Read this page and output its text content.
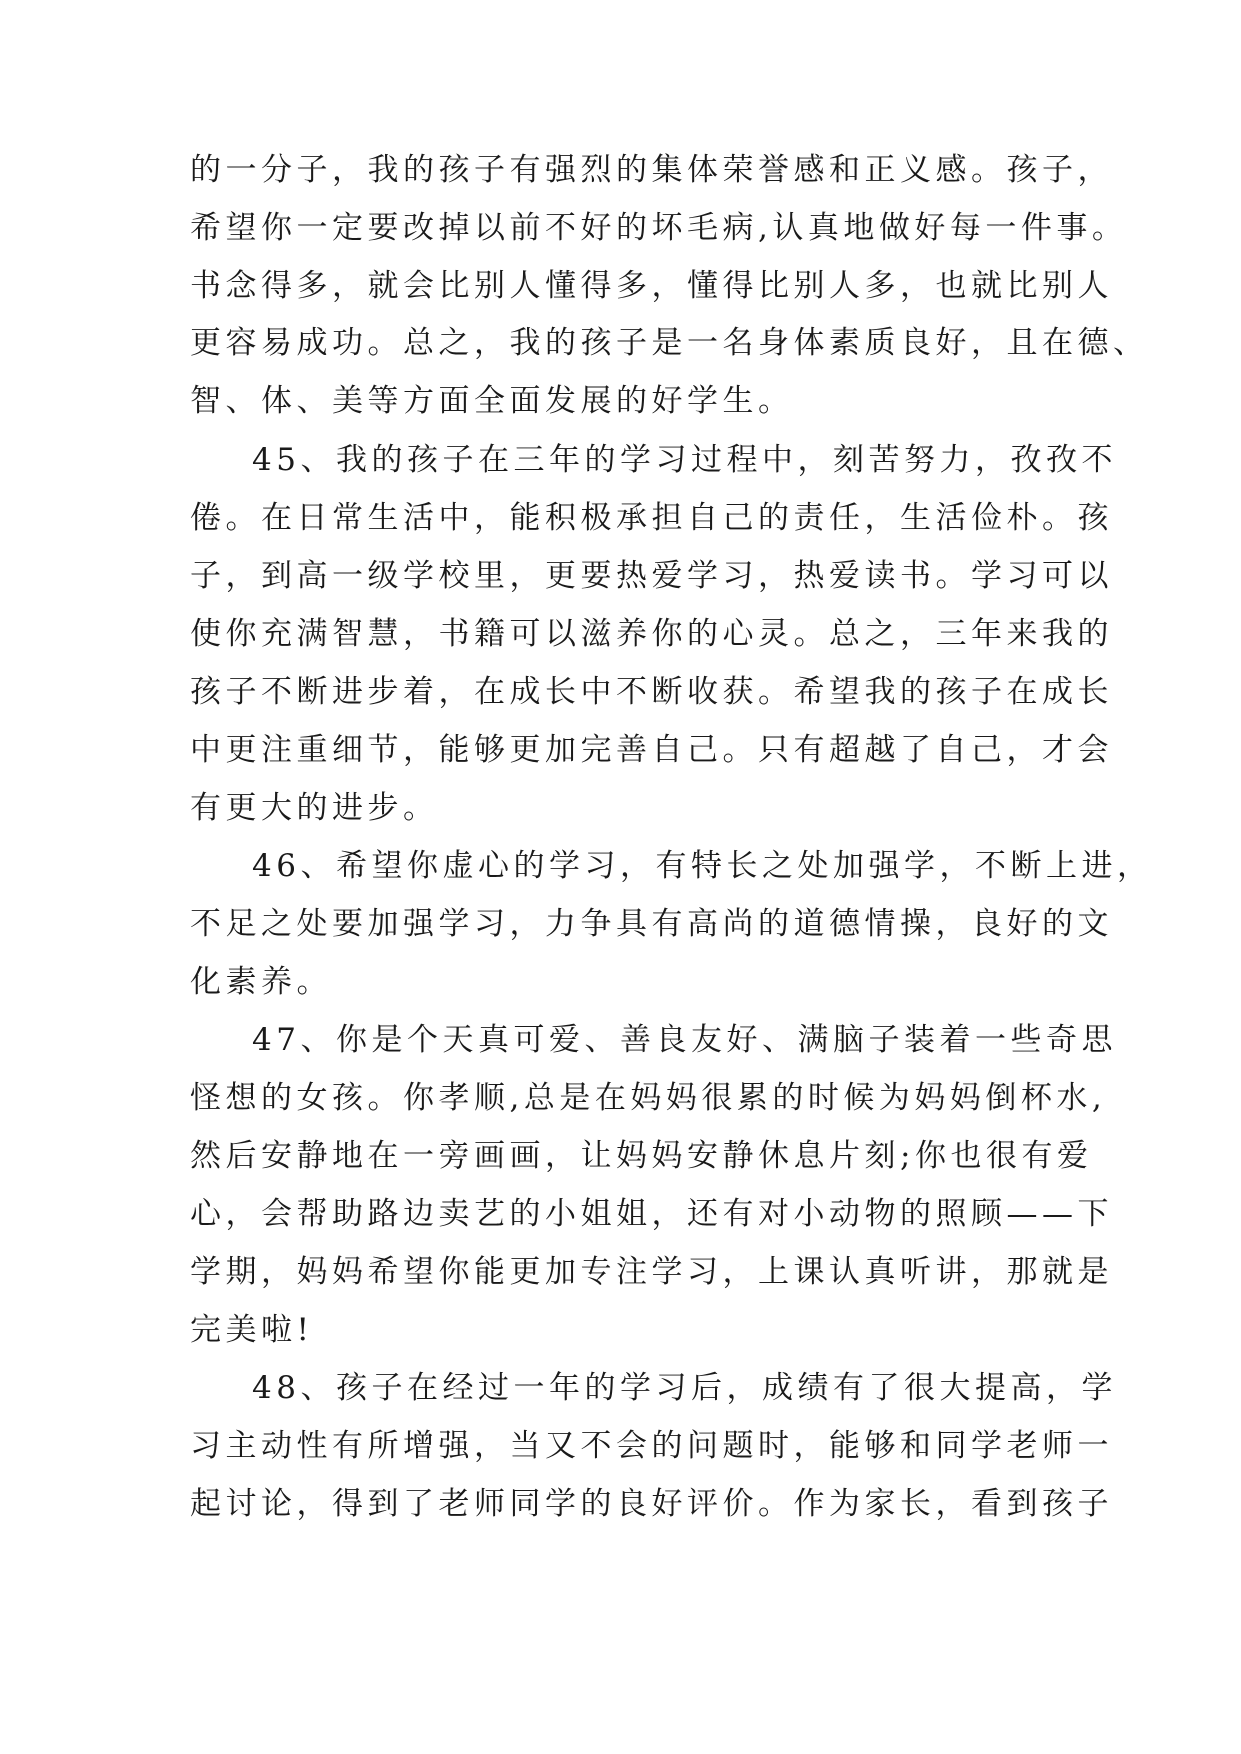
的一分子，我的孩子有强烈的集体荣誉感和正义感。孩子，
希望你一定要改掉以前不好的坏毛病,认真地做好每一件事。
书念得多，就会比别人懂得多，懂得比别人多，也就比别人
更容易成功。总之，我的孩子是一名身体素质良好，且在德、
智、体、美等方面全面发展的好学生。
45、我的孩子在三年的学习过程中，刻苦努力，孜孜不
倦。在日常生活中，能积极承担自己的责任，生活俭朴。孩
子，到高一级学校里，更要热爱学习，热爱读书。学习可以
使你充满智慧，书籍可以滋养你的心灵。总之，三年来我的
孩子不断进步着，在成长中不断收获。希望我的孩子在成长
中更注重细节，能够更加完善自己。只有超越了自己，才会
有更大的进步。
46、希望你虚心的学习，有特长之处加强学，不断上进，
不足之处要加强学习，力争具有高尚的道德情操，良好的文
化素养。
47、你是个天真可爱、善良友好、满脑子装着一些奇思
怪想的女孩。你孝顺,总是在妈妈很累的时候为妈妈倒杯水,
然后安静地在一旁画画，让妈妈安静休息片刻;你也很有爱
心，会帮助路边卖艺的小姐姐，还有对小动物的照顾——下
学期，妈妈希望你能更加专注学习，上课认真听讲，那就是
完美啦!
48、孩子在经过一年的学习后，成绩有了很大提高，学
习主动性有所增强，当又不会的问题时，能够和同学老师一
起讨论，得到了老师同学的良好评价。作为家长，看到孩子
